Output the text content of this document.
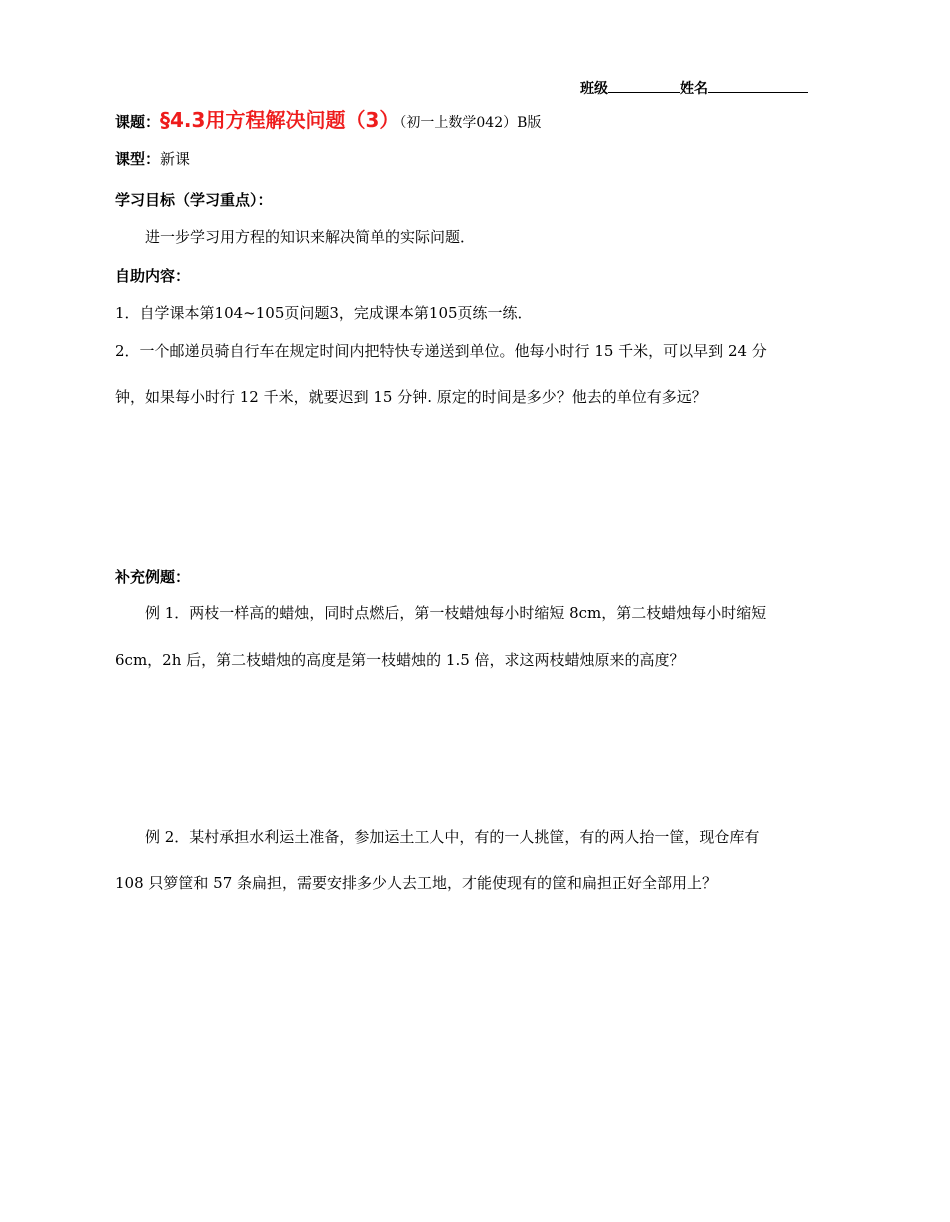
班级	姓名
课题：§4.3用方程解决问题（3）（初一上数学042）B版
课型：新课
学习目标（学习重点）：
进一步学习用方程的知识来解决简单的实际问题．
自助内容：
1．自学课本第104~105页问题3，完成课本第105页练一练．
2．一个邮递员骑自行车在规定时间内把特快专递送到单位。他每小时行 15 千米，可以早到 24 分
钟，如果每小时行 12 千米，就要迟到 15 分钟. 原定的时间是多少？他去的单位有多远？
补充例题：
例 1．两枝一样高的蜡烛，同时点燃后，第一枝蜡烛每小时缩短 8cm，第二枝蜡烛每小时缩短
6cm，2h 后，第二枝蜡烛的高度是第一枝蜡烛的 1.5 倍，求这两枝蜡烛原来的高度？
例 2．某村承担水利运土准备，参加运土工人中，有的一人挑筐，有的两人抬一筐，现仓库有
108 只箩筐和 57 条扁担，需要安排多少人去工地，才能使现有的筐和扁担正好全部用上？
